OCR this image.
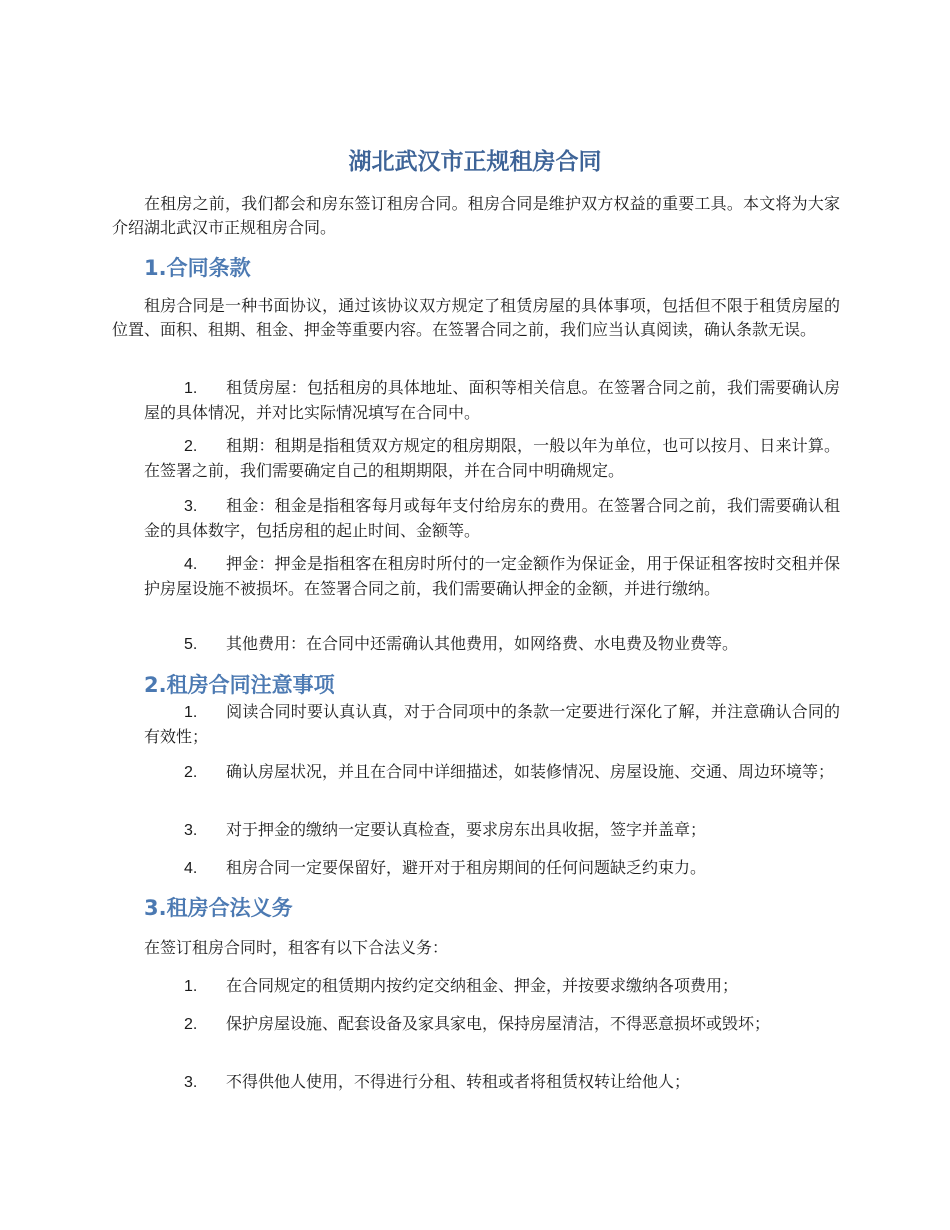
湖北武汉市正规租房合同

在租房之前，我们都会和房东签订租房合同。租房合同是维护双方权益的重要工具。本文将为大家介绍湖北武汉市正规租房合同。

1.合同条款

租房合同是一种书面协议，通过该协议双方规定了租赁房屋的具体事项，包括但不限于租赁房屋的位置、面积、租期、租金、押金等重要内容。在签署合同之前，我们应当认真阅读，确认条款无误。

1. 租赁房屋：包括租房的具体地址、面积等相关信息。在签署合同之前，我们需要确认房屋的具体情况，并对比实际情况填写在合同中。

2. 租期：租期是指租赁双方规定的租房期限，一般以年为单位，也可以按月、日来计算。在签署之前，我们需要确定自己的租期期限，并在合同中明确规定。

3. 租金：租金是指租客每月或每年支付给房东的费用。在签署合同之前，我们需要确认租金的具体数字，包括房租的起止时间、金额等。

4. 押金：押金是指租客在租房时所付的一定金额作为保证金，用于保证租客按时交租并保护房屋设施不被损坏。在签署合同之前，我们需要确认押金的金额，并进行缴纳。

5. 其他费用：在合同中还需确认其他费用，如网络费、水电费及物业费等。

2.租房合同注意事项

1. 阅读合同时要认真认真，对于合同项中的条款一定要进行深化了解，并注意确认合同的有效性；

2. 确认房屋状况，并且在合同中详细描述，如装修情况、房屋设施、交通、周边环境等；

3. 对于押金的缴纳一定要认真检查，要求房东出具收据，签字并盖章；

4. 租房合同一定要保留好，避开对于租房期间的任何问题缺乏约束力。

3.租房合法义务

在签订租房合同时，租客有以下合法义务：

1. 在合同规定的租赁期内按约定交纳租金、押金，并按要求缴纳各项费用；

2. 保护房屋设施、配套设备及家具家电，保持房屋清洁，不得恶意损坏或毁坏；

3. 不得供他人使用，不得进行分租、转租或者将租赁权转让给他人；
